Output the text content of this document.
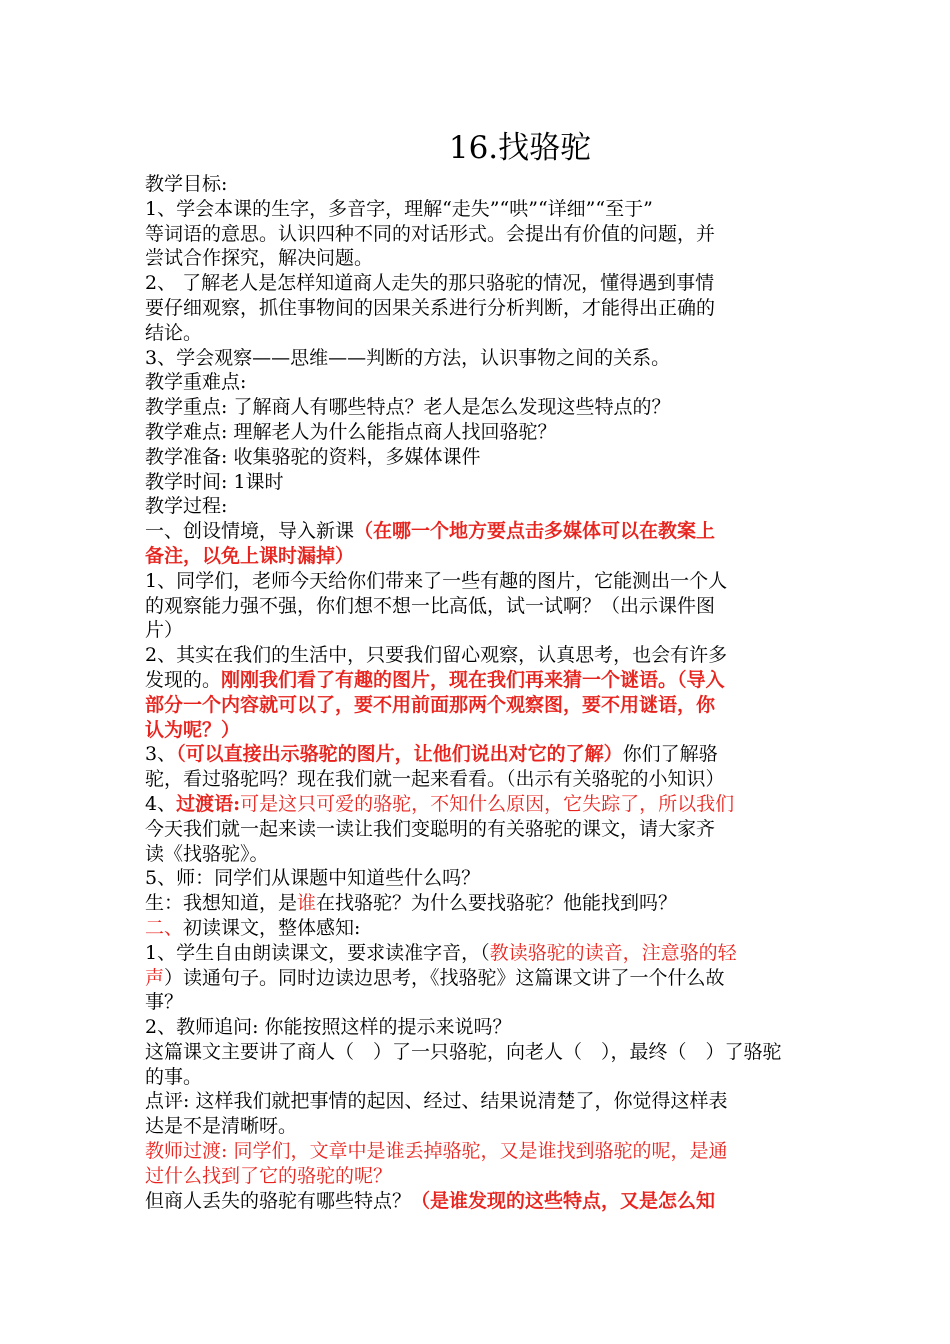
16.找骆驼
教学目标:
1、学会本课的生字，多音字，理解“走失”“哄”“详细”“至于”
等词语的意思。认识四种不同的对话形式。会提出有价值的问题，并
尝试合作探究，解决问题。
2、 了解老人是怎样知道商人走失的那只骆驼的情况，懂得遇到事情
要仔细观察，抓住事物间的因果关系进行分析判断，才能得出正确的
结论。
3、学会观察——思维——判断的方法，认识事物之间的关系。
教学重难点:
教学重点: 了解商人有哪些特点？老人是怎么发现这些特点的？
教学难点: 理解老人为什么能指点商人找回骆驼？
教学准备: 收集骆驼的资料，多媒体课件
教学时间: 1课时
教学过程:
一、创设情境，导入新课（在哪一个地方要点击多媒体可以在教案上
备注，以免上课时漏掉）
1、同学们，老师今天给你们带来了一些有趣的图片，它能测出一个人
的观察能力强不强，你们想不想一比高低，试一试啊？（出示课件图
片）
2、其实在我们的生活中，只要我们留心观察，认真思考，也会有许多
发现的。刚刚我们看了有趣的图片，现在我们再来猜一个谜语。（导入
部分一个内容就可以了，要不用前面那两个观察图，要不用谜语，你
认为呢？）
3、（可以直接出示骆驼的图片，让他们说出对它的了解）你们了解骆
驼，看过骆驼吗？现在我们就一起来看看。（出示有关骆驼的小知识）
4、过渡语:可是这只可爱的骆驼，不知什么原因，它失踪了，所以我们
今天我们就一起来读一读让我们变聪明的有关骆驼的课文，请大家齐
读《找骆驼》。
5、师：同学们从课题中知道些什么吗？
生：我想知道，是谁在找骆驼？为什么要找骆驼？他能找到吗？
二、初读课文，整体感知:
1、学生自由朗读课文，要求读准字音，（教读骆驼的读音，注意骆的轻
声）读通句子。同时边读边思考，《找骆驼》这篇课文讲了一个什么故
事？
2、教师追问: 你能按照这样的提示来说吗？
这篇课文主要讲了商人（　）了一只骆驼，向老人（　），最终（　）了骆驼
的事。
点评: 这样我们就把事情的起因、经过、结果说清楚了，你觉得这样表
达是不是清晰呀。
教师过渡: 同学们，文章中是谁丢掉骆驼，又是谁找到骆驼的呢，是通
过什么找到了它的骆驼的呢？
但商人丢失的骆驼有哪些特点？（是谁发现的这些特点，又是怎么知
